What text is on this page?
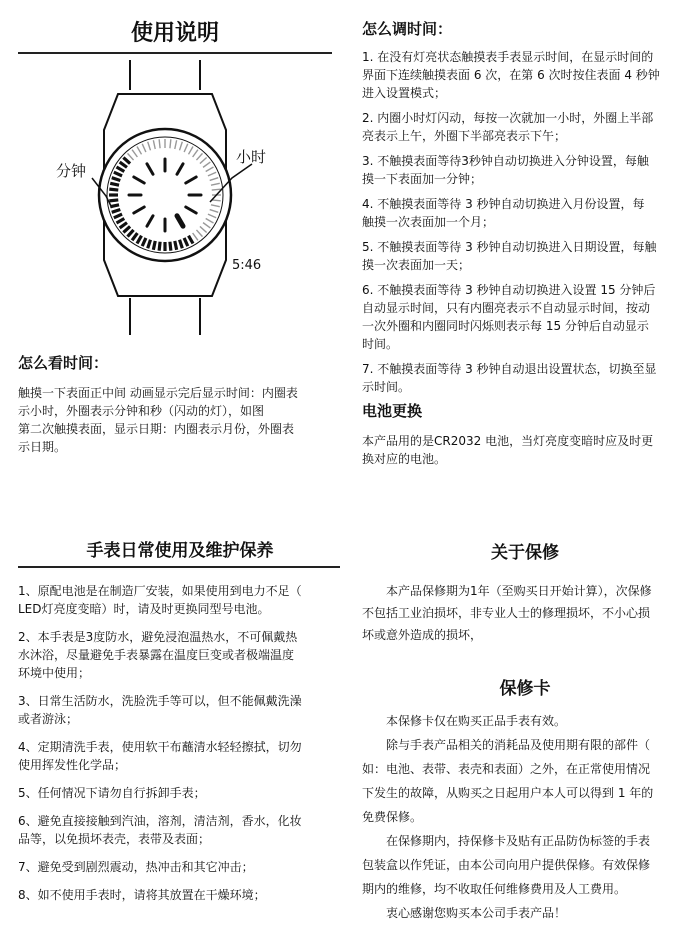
使用说明
分钟
小时
5:46
怎么看时间：

触摸一下表面正中间 动画显示完后显示时间：内圈表

示小时，外圈表示分钟和秒（闪动的灯），如图

第二次触摸表面，显示日期：内圈表示月份，外圈表

示日期。

怎么调时间：

1. 在没有灯亮状态触摸表手表显示时间，在显示时间的

界面下连续触摸表面 6 次，在第 6 次时按住表面 4 秒钟

进入设置模式；

2. 内圈小时灯闪动，每按一次就加一小时，外圈上半部

亮表示上午，外圈下半部亮表示下午；

3. 不触摸表面等待3秒钟自动切换进入分钟设置，每触

摸一下表面加一分钟；

4. 不触摸表面等待 3 秒钟自动切换进入月份设置，每

触摸一次表面加一个月；

5. 不触摸表面等待 3 秒钟自动切换进入日期设置，每触

摸一次表面加一天；

6. 不触摸表面等待 3 秒钟自动切换进入设置 15 分钟后

自动显示时间，只有内圈亮表示不自动显示时间，按动

一次外圈和内圈同时闪烁则表示每 15 分钟后自动显示

时间。

7. 不触摸表面等待 3 秒钟自动退出设置状态，切换至显

示时间。

电池更换

本产品用的是CR2032 电池，当灯亮度变暗时应及时更

换对应的电池。

手表日常使用及维护保养

1、原配电池是在制造厂安装，如果使用到电力不足（

LED灯亮度变暗）时，请及时更换同型号电池。

2、本手表是3度防水，避免浸泡温热水，不可佩戴热

水沐浴，尽量避免手表暴露在温度巨变或者极端温度

环境中使用；

3、日常生活防水，洗脸洗手等可以，但不能佩戴洗澡

或者游泳；

4、定期清洗手表，使用软干布蘸清水轻轻擦拭，切勿

使用挥发性化学品；

5、任何情况下请勿自行拆卸手表；

6、避免直接接触到汽油，溶剂，清洁剂，香水，化妆

品等，以免损坏表壳，表带及表面；

7、避免受到剧烈震动，热冲击和其它冲击；

8、如不使用手表时，请将其放置在干燥环境；

关于保修

本产品保修期为1年（至购买日开始计算），次保修

不包括工业泊损坏，非专业人士的修理损坏，不小心损

坏或意外造成的损坏，

保修卡

本保修卡仅在购买正品手表有效。

除与手表产品相关的消耗品及使用期有限的部件（

如：电池、表带、表壳和表面）之外，在正常使用情况

下发生的故障，从购买之日起用户本人可以得到 1 年的

免费保修。

在保修期内，持保修卡及贴有正品防伪标签的手表

包装盒以作凭证，由本公司向用户提供保修。有效保修

期内的维修，均不收取任何维修费用及人工费用。

衷心感谢您购买本公司手表产品！
